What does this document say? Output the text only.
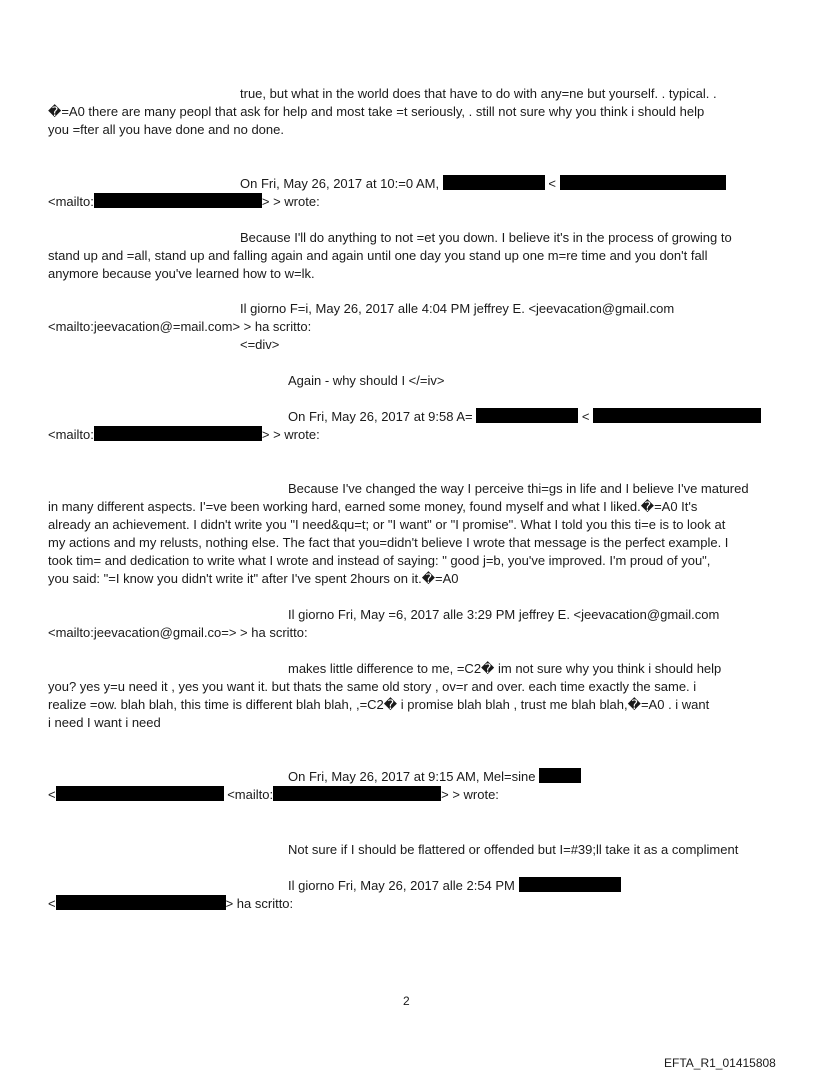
true, but what in the world does that have to do with any=ne but yourself. . typical. .
�=A0 there are many peopl that ask for help and most take =t seriously, . still not sure why you think i should help
you =fter all you have done and no done.
On Fri, May 26, 2017 at 10:=0 AM,	<
<mailto:	> > wrote:
Because I'll do anything to not =et you down. I believe it's in the process of growing to
stand up and =all, stand up and falling again and again until one day you stand up one m=re time and you don't fall
anymore because you've learned how to w=lk.
Il giorno F=i, May 26, 2017 alle 4:04 PM jeffrey E. <jeevacation@gmail.com
<mailto:jeevacation@=mail.com> > ha scritto:
<=div>
Again - why should I </=iv>
On Fri, May 26, 2017 at 9:58 A=	<
<mailto:	> > wrote:
Because I've changed the way I perceive thi=gs in life and I believe I've matured
in many different aspects. I'=ve been working hard, earned some money, found myself and what I liked.�=A0 It's
already an achievement. I didn't write you "I need&qu=t; or "I want" or "I promise". What I told you this ti=e is to look at
my actions and my relusts, nothing else. The fact that you=didn't believe I wrote that message is the perfect example. I
took tim= and dedication to write what I wrote and instead of saying: " good j=b, you've improved. I'm proud of you",
you said: "=I know you didn't write it" after I've spent 2hours on it.�=A0
Il giorno Fri, May =6, 2017 alle 3:29 PM jeffrey E. <jeevacation@gmail.com
<mailto:jeevacation@gmail.co=> > ha scritto:
makes little difference to me, =C2� im not sure why you think i should help
you? yes y=u need it , yes you want it. but thats the same old story , ov=r and over. each time exactly the same. i
realize =ow. blah blah, this time is different blah blah, ,=C2� i promise blah blah , trust me blah blah,�=A0 . i want
i need I want i need
On Fri, May 26, 2017 at 9:15 AM, Mel=sine
<	<mailto:	> > wrote:
Not sure if I should be flattered or offended but I=#39;ll take it as a compliment
Il giorno Fri, May 26, 2017 alle 2:54 PM
<	> ha scritto:
2
EFTA_R1_01415808
